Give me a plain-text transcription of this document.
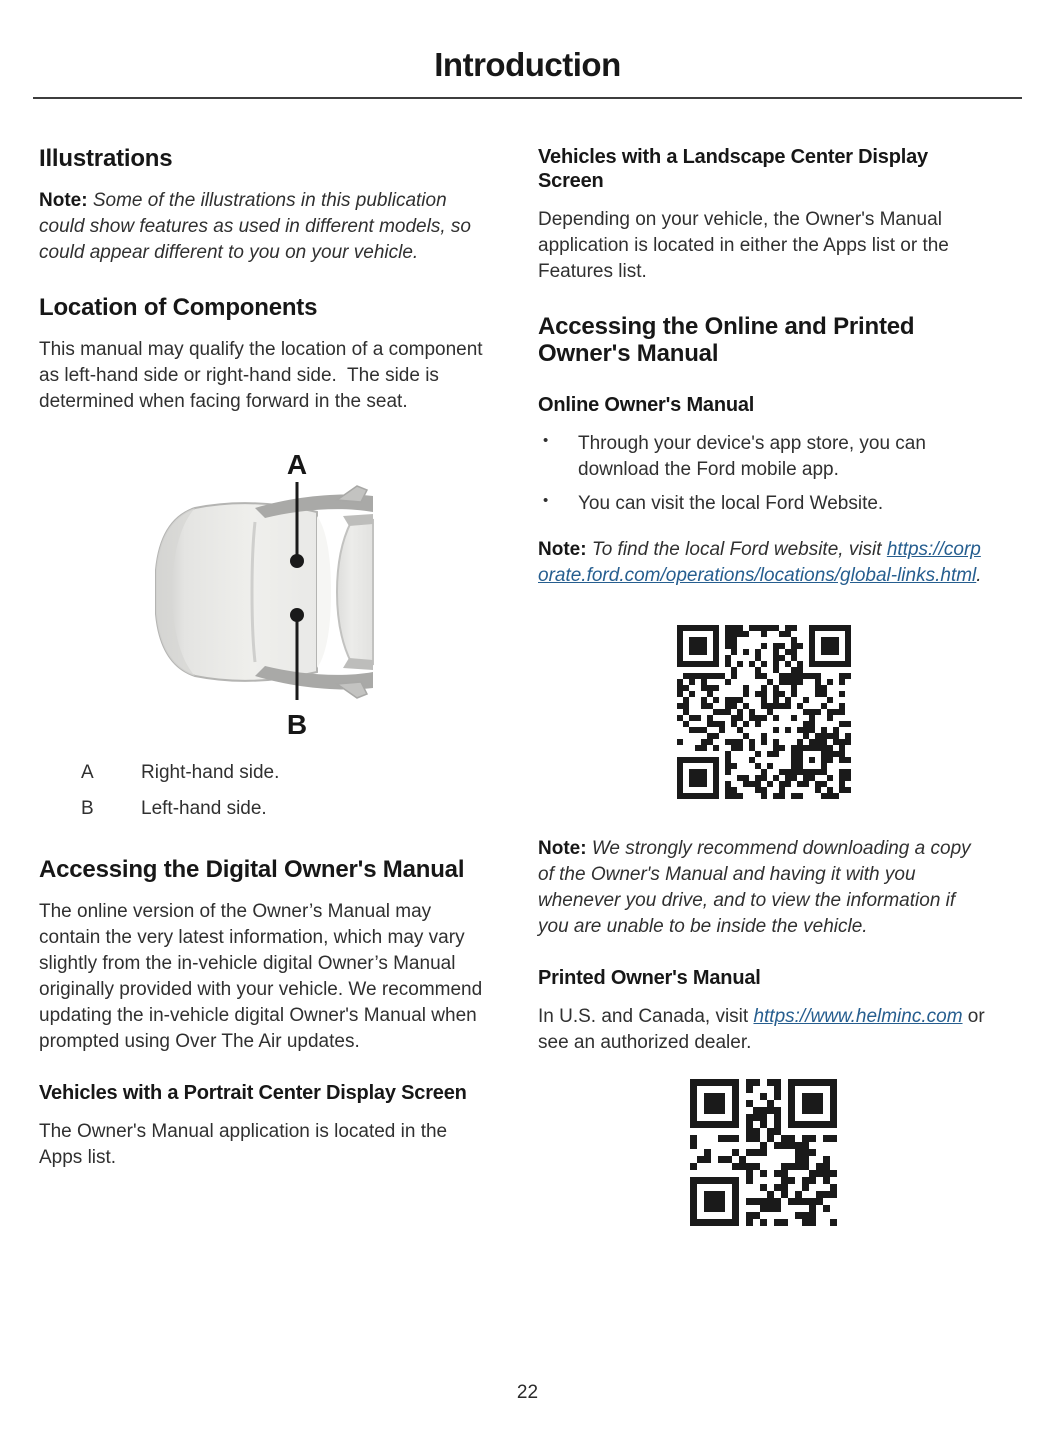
Introduction
Illustrations

Note: Some of the illustrations in this publication could show features as used in different models, so could appear different to you on your vehicle.

Location of Components

This manual may qualify the location of a component as left-hand side or right-hand side.  The side is determined when facing forward in the seat.

A
B
A	Right-hand side.
B	Left-hand side.
Accessing the Digital Owner's Manual

The online version of the Owner’s Manual may contain the very latest information, which may vary slightly from the in-vehicle digital Owner’s Manual originally provided with your vehicle. We recommend updating the in-vehicle digital Owner's Manual when prompted using Over The Air updates.

Vehicles with a Portrait Center Display Screen

The Owner's Manual application is located in the Apps list.

Vehicles with a Landscape Center Display Screen

Depending on your vehicle, the Owner's Manual application is located in either the Apps list or the Features list.

Accessing the Online and Printed Owner's Manual
Online Owner's Manual
• Through your device's app store, you can download the Ford mobile app.
• You can visit the local Ford Website.

Note: To find the local Ford website, visit https://corporate.ford.com/operations/locations/global-links.html.

Note: We strongly recommend downloading a copy of the Owner's Manual and having it with you whenever you drive, and to view the information if you are unable to be inside the vehicle.

Printed Owner's Manual

In U.S. and Canada, visit https://www.helminc.com or see an authorized dealer.

22
